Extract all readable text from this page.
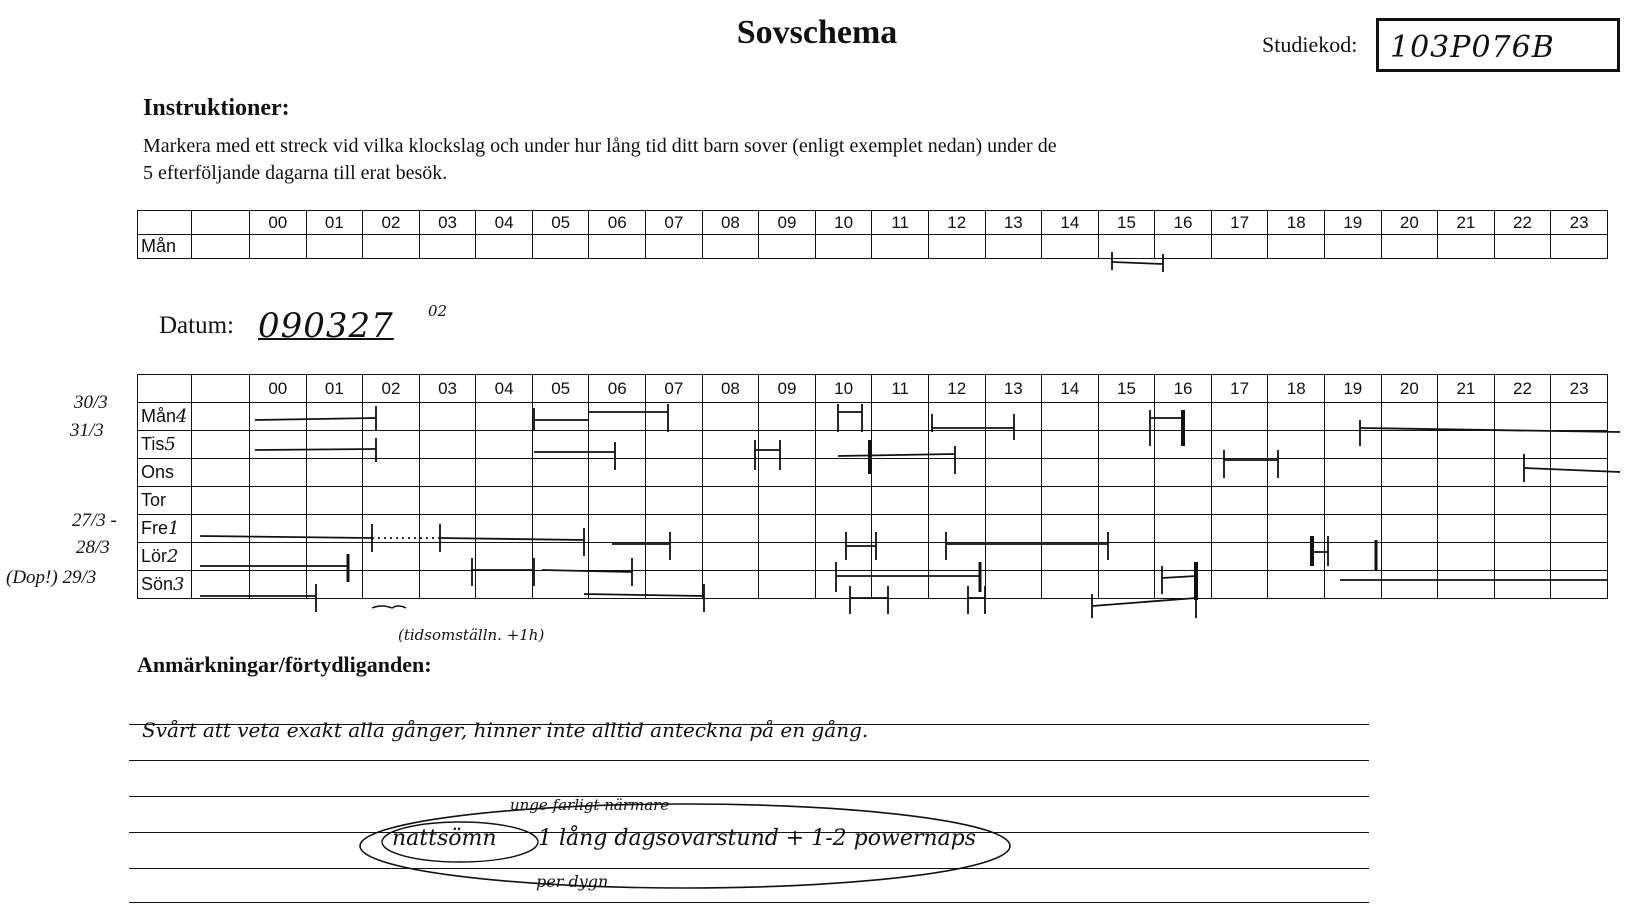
Sovschema	Studiekod: 103P076B
Instruktioner:
Markera med ett streck vid vilka klockslag och under hur lång tid ditt barn sover (enligt exemplet nedan) under de
5 efterföljande dagarna till erat besök.
		00	01	02	03	04	05	06	07	08	09	10	11	12	13	14	15	16	17	18	19	20	21	22	23
Mån																									
Datum: 090327 02
		00	01	02	03	04	05	06	07	08	09	10	11	12	13	14	15	16	17	18	19	20	21	22	23
Mån4																									
Tis5																									
Ons																									
Tor																									
Fre1																									
Lör2																									
Sön3																									
30/3
31/3
27/3 -
28/3
(Dop!) 29/3
(tidsomställn. +1h)
Anmärkningar/förtydliganden:
Svårt att veta exakt alla gånger, hinner inte alltid anteckna på en gång.
unge farligt närmare
nattsömn 1 lång dagsovarstund + 1-2 powernaps
per dygn
